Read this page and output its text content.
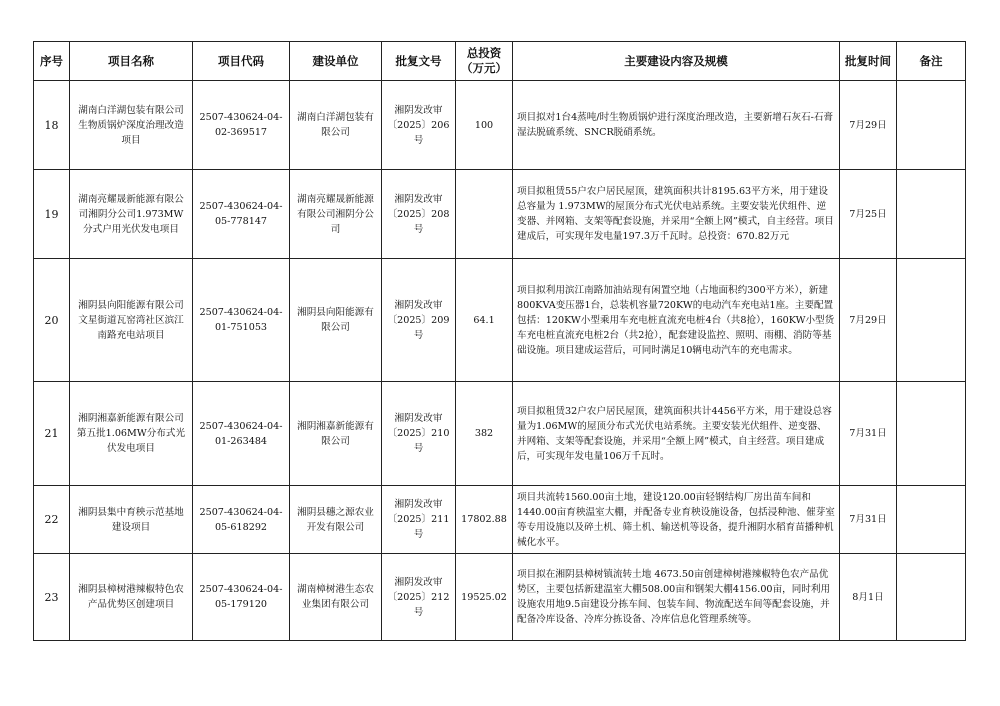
序号	项目名称	项目代码	建设单位	批复文号	总投资（万元）	主要建设内容及规模	批复时间	备注
18	湖南白洋湖包装有限公司生物质锅炉深度治理改造项目	2507-430624-04-02-369517	湖南白洋湖包装有限公司	湘阴发改审〔2025〕206号	100	项目拟对1台4蒸吨/时生物质锅炉进行深度治理改造，主要新增石灰石-石膏湿法脱硫系统、SNCR脱硝系统。	7月29日	
19	湖南亮耀晟新能源有限公司湘阴分公司1.973MW分式户用光伏发电项目	2507-430624-04-05-778147	湖南亮耀晟新能源有限公司湘阴分公司	湘阴发改审〔2025〕208号		项目拟租赁55户农户居民屋顶，建筑面积共计8195.63平方米，用于建设总容量为 1.973MW的屋顶分布式光伏电站系统。主要安装光伏组件、逆变器、并网箱、支架等配套设施，并采用“全额上网”模式，自主经营。项目建成后，可实现年发电量197.3万千瓦时。总投资：670.82万元	7月25日	
20	湘阴县向阳能源有限公司文星街道瓦窑湾社区滨江南路充电站项目	2507-430624-04-01-751053	湘阴县向阳能源有限公司	湘阴发改审〔2025〕209号	64.1	项目拟利用滨江南路加油站现有闲置空地（占地面积约300平方米），新建800KVA变压器1台，总装机容量720KW的电动汽车充电站1座。主要配置包括：120KW小型乘用车充电桩直流充电桩4台（共8抢），160KW小型货车充电桩直流充电桩2台（共2抢），配套建设监控、照明、雨棚、消防等基础设施。项目建成运营后，可同时满足10辆电动汽车的充电需求。	7月29日	
21	湘阴湘嘉新能源有限公司第五批1.06MW分布式光伏发电项目	2507-430624-04-01-263484	湘阴湘嘉新能源有限公司	湘阴发改审〔2025〕210号	382	项目拟租赁32户农户居民屋顶，建筑面积共计4456平方米，用于建设总容量为1.06MW的屋顶分布式光伏电站系统。主要安装光伏组件、逆变器、并网箱、支架等配套设施，并采用“全额上网”模式，自主经营。项目建成后，可实现年发电量106万千瓦时。	7月31日	
22	湘阴县集中育秧示范基地建设项目	2507-430624-04-05-618292	湘阴县穗之源农业开发有限公司	湘阴发改审〔2025〕211号	17802.88	项目共流转1560.00亩土地，建设120.00亩轻钢结构厂房出苗车间和1440.00亩育秧温室大棚，并配备专业育秧设施设备，包括浸种池、催芽室等专用设施以及碎土机、筛土机、输送机等设备，提升湘阴水稻育苗播种机械化水平。	7月31日	
23	湘阴县樟树港辣椒特色农产品优势区创建项目	2507-430624-04-05-179120	湖南樟树港生态农业集团有限公司	湘阴发改审〔2025〕212号	19525.02	项目拟在湘阴县樟树镇流转土地 4673.50亩创建樟树港辣椒特色农产品优势区，主要包括新建温室大棚508.00亩和钢架大棚4156.00亩，同时利用设施农用地9.5亩建设分拣车间、包装车间、物流配送车间等配套设施，并配备冷库设备、冷库分拣设备、冷库信息化管理系统等。	8月1日	
